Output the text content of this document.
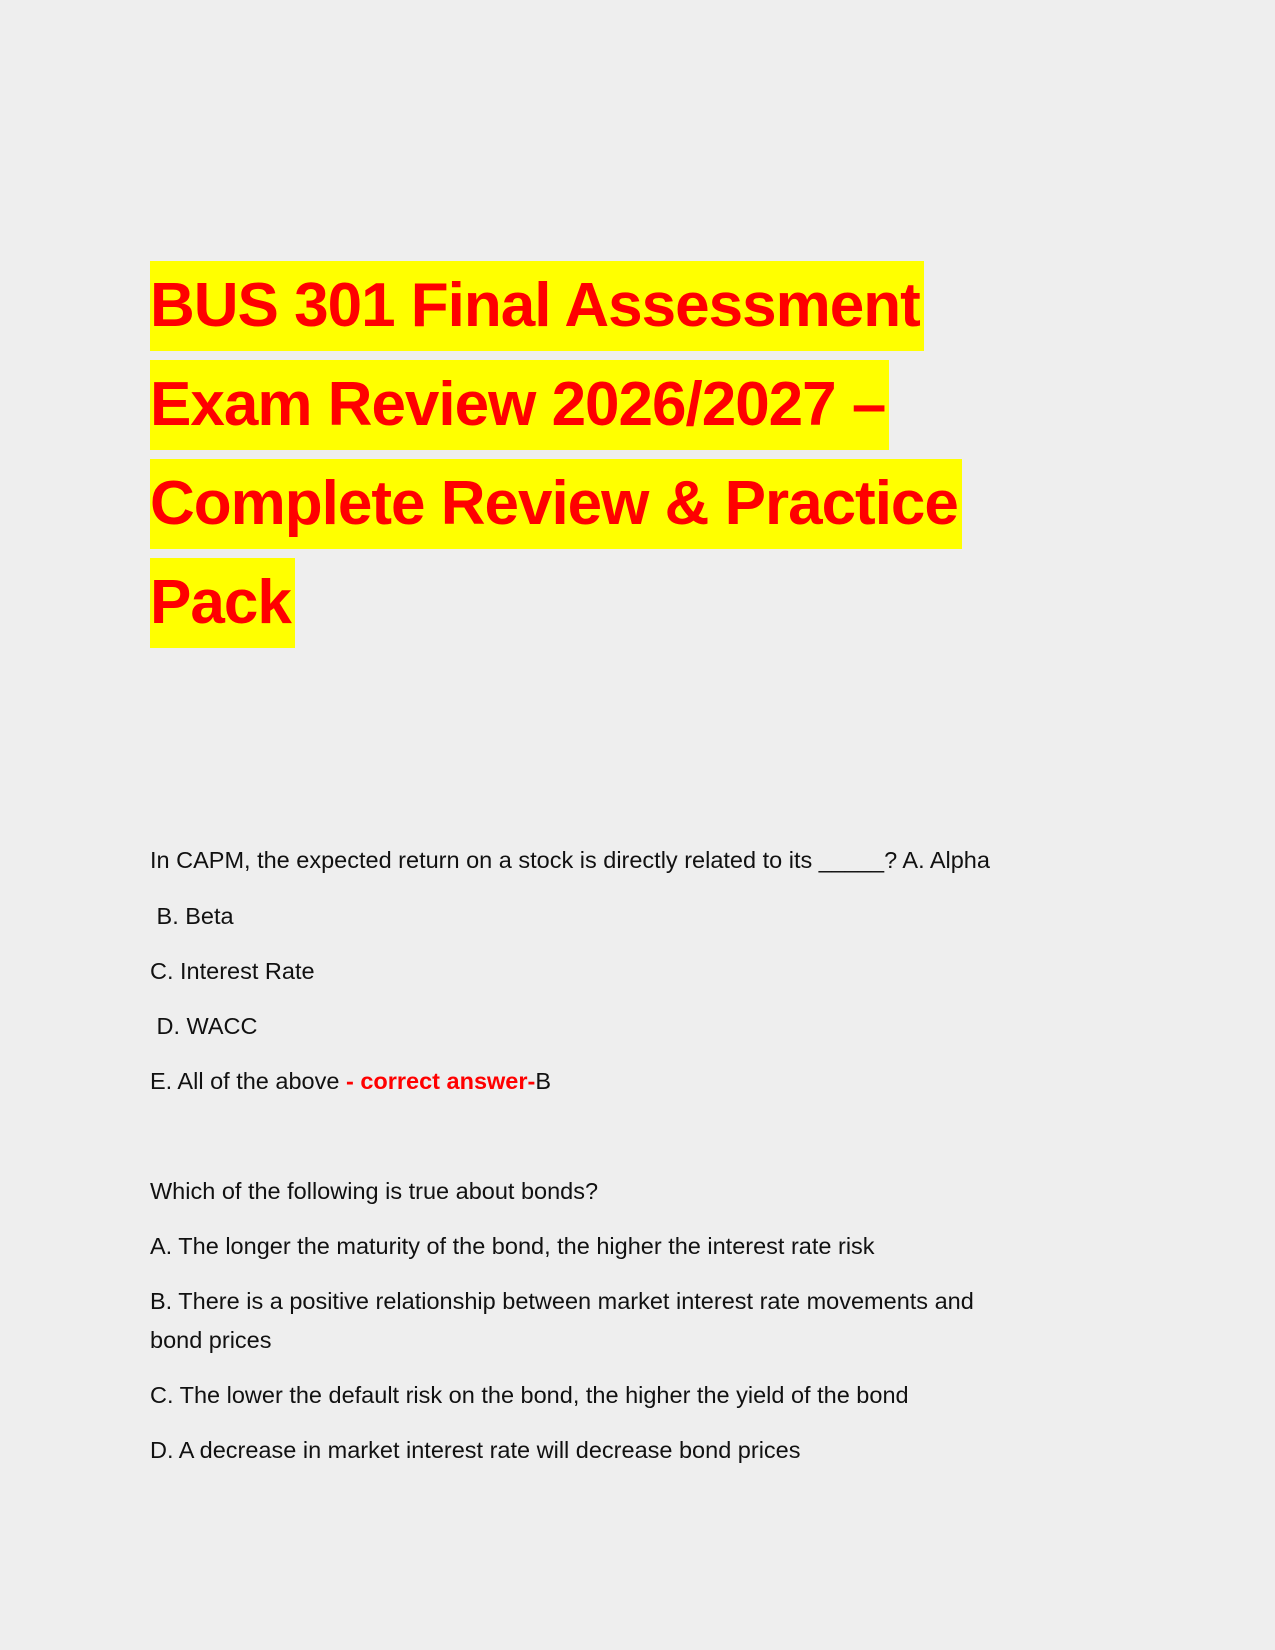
BUS 301 Final Assessment
Exam Review 2026/2027 –
Complete Review & Practice
Pack
In CAPM, the expected return on a stock is directly related to its _____? A. Alpha
B. Beta
C. Interest Rate
D. WACC
E. All of the above - correct answer-B
Which of the following is true about bonds?
A. The longer the maturity of the bond, the higher the interest rate risk
B. There is a positive relationship between market interest rate movements and
bond prices
C. The lower the default risk on the bond, the higher the yield of the bond
D. A decrease in market interest rate will decrease bond prices
